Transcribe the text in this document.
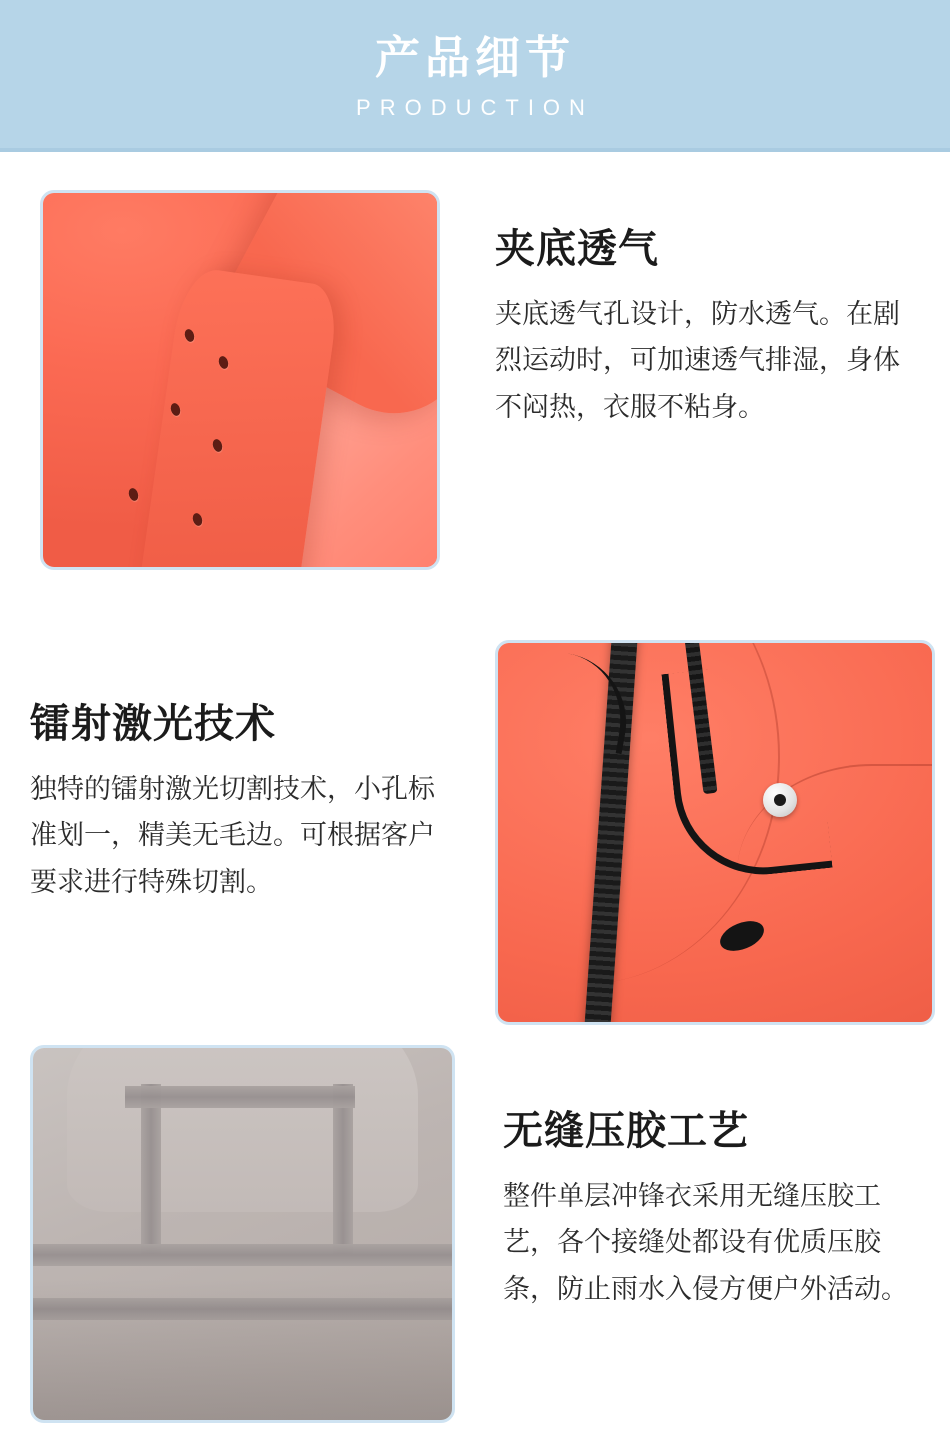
产品细节
PRODUCTION
夹底透气
夹底透气孔设计，防水透气。在剧烈运动时，可加速透气排湿，身体不闷热，衣服不粘身。
镭射激光技术
独特的镭射激光切割技术，小孔标准划一，精美无毛边。可根据客户要求进行特殊切割。
无缝压胶工艺
整件单层冲锋衣采用无缝压胶工艺，各个接缝处都设有优质压胶条，防止雨水入侵方便户外活动。
